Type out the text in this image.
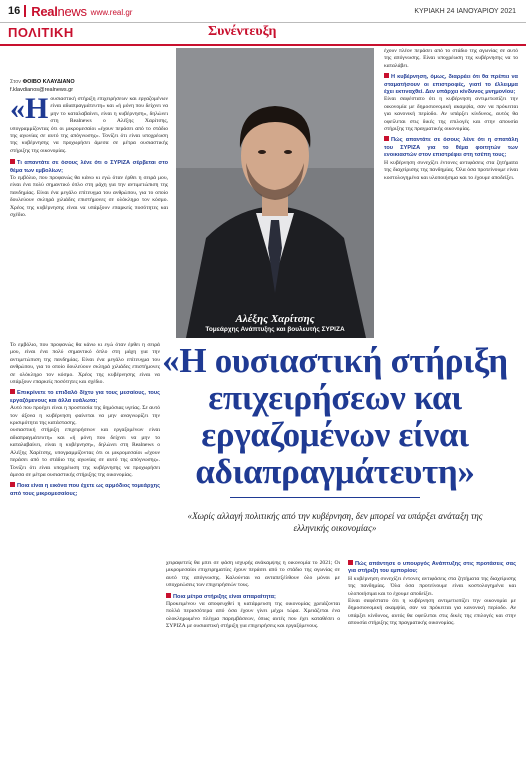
16 Realnews www.real.gr	ΚΥΡΙΑΚΗ 24 ΙΑΝΟΥΑΡΙΟΥ 2021
ΠΟΛΙΤΙΚΗ	Συνέντευξη
Στον ΦΟΙΒΟ ΚΛΑΥΔΙΑΝΟ
f.klavdianos@realnews.gr
«Η ουσιαστική στήριξη επιχειρήσεων και εργαζομένων είναι αδιαπραγμάτευτη» και «ή μόνη που δείχνει να μην το καταλαβαίνει, είναι η κυβέρνηση», δηλώνει στη Realnews ο Αλέξης Χαρίτσης, υπογραμμίζοντας ότι οι μικρομεσαίοι «έχουν περάσει από το στάδιο της αγωνίας σε αυτό της απόγνωσης». Τονίζει ότι είναι υποχρέωση της κυβέρνησης να προχωρήσει άμεσα σε μέτρα ουσιαστικής στήριξης της οικονομίας.
Τι απαντάτε σε όσους λένε ότι ο ΣΥΡΙΖΑ σέρβεται στο θέμα των εμβολίων;
Το εμβόλιο, που προφανώς θα κάνω κι εγώ όταν έρθει η σειρά μου, είναι ένα πολύ σημαντικό όπλο στη μάχη για την αντιμετώπιση της πανδημίας. Είναι ένα μεγάλο επίτευγμα του ανθρώπου, για το οποίο δουλεύουν σκληρά χιλιάδες επιστήμονες σε ολόκληρο τον κόσμο. Χρέος της κυβέρνησης είναι να υπάρξουν επαρκείς ποσότητες και σχέδιο.
Το εμβόλιο, που προφανώς θα κάνω κι εγώ όταν έρθει η σειρά μου, είναι ένα πολύ σημαντικό όπλο στη μάχη για την αντιμετώπιση της πανδημίας. Είναι ένα μεγάλο επίτευγμα του ανθρώπου, για το οποίο δουλεύουν σκληρά χιλιάδες επιστήμονες σε ολόκληρο τον κόσμο. Χρέος της κυβέρνησης είναι να υπάρξουν επαρκείς ποσότητες και σχέδιο.
Επικρίνετε το επιδαλό δίχτυ για τους μεσαίους, τους εργαζόμενους και άλλα ευάλωτα;
Αυτό που προέχει είναι η προστασία της δημόσιας υγείας. Σε αυτό τον άξονα η κυβέρνηση φαίνεται να μην αναγνωρίζει την κρισιμότητα της κατάστασης.
ουσιαστική στήριξη επιχειρήσεων και εργαζομένων είναι αδιαπραγμάτευτη» και «ή μόνη που δείχνει να μην το καταλαβαίνει, είναι η κυβέρνηση», δηλώνει στη Realnews ο Αλέξης Χαρίτσης, υπογραμμίζοντας ότι οι μικρομεσαίοι «έχουν περάσει από το στάδιο της αγωνίας σε αυτό της απόγνωσης». Τονίζει ότι είναι υποχρέωση της κυβέρνησης να προχωρήσει άμεσα σε μέτρα ουσιαστικής στήριξης της οικονομίας.
Ποια είναι η εικόνα που έχετε ως αρμόδιος τομεάρχης από τους μικρομεσαίους;
Αλέξης Χαρίτσης
Τομεάρχης Ανάπτυξης και βουλευτής ΣΥΡΙΖΑ
έχουν πλέον περάσει από το στάδιο της αγωνίας σε αυτό της απόγνωσης. Είναι υποχρέωση της κυβέρνησης να το καταλάβει.
Η κυβέρνηση, όμως, διαρρέει ότι θα πρέπει να σταματήσουν οι επιστροφές, γιατί το έλλειμμα έχει εκτιναχθεί. Δεν υπάρχει κίνδυνος μνημονίου;
Είναι σαφέστατο ότι η κυβέρνηση αντιμετωπίζει την οικονομία με δημοσιονομική ακαμψία, σαν να πρόκειται για κανονική περίοδο. Αν υπάρξει κίνδυνος, αυτός θα οφείλεται στις δικές της επιλογές και στην απουσία στήριξης της πραγματικής οικονομίας.
Πώς απαντάτε σε όσους λένε ότι η σπατάλη του ΣΥΡΙΖΑ για το θέμα φοιτητών των ενοικιαστών στον επιστρέφει στη τσέπη τους;
Η κυβέρνηση συνεχίζει έντονες αντιφάσεις στα ζητήματα της διαχείρισης της πανδημίας. Όλα όσα προτείνουμε είναι κοστολογημένα και υλοποιήσιμα και το έχουμε αποδείξει.
«Η ουσιαστική στήριξη επιχειρήσεων και εργαζομένων είναι αδιαπραγμάτευτη»
«Χωρίς αλλαγή πολιτικής από την κυβέρνηση, δεν μπορεί να υπάρξει ανάταξη της ελληνικής οικονομίας»
χειραφετείς θα μπει σε φάση ισχυρής ανάκαμψης η οικονομία το 2021; Οι μικρομεσαίοι επιχειρηματίες έχουν περάσει από το στάδιο της αγωνίας σε αυτό της απόγνωσης. Καλούνται να ανταπεξέλθουν όλο μόνοι με υποχρεώσεις των επιχειρήσεών τους.
Ποια μέτρα στήριξης είναι απαραίτητα;
Προκειμένου να αποφευχθεί η κατάρρευση της οικονομίας χρειάζονται πολλά περισσότερα από όσα έχουν γίνει μέχρι τώρα. Χρειάζεται ένα ολοκληρωμένο πλέγμα παρεμβάσεων, όπως αυτές που έχει καταθέσει ο ΣΥΡΙΖΑ με ουσιαστική στήριξη για επιχειρήσεις και εργαζόμενους.
Πώς απάντησε ο υπουργός Ανάπτυξης στις προτάσεις σας για στήριξη του εμπορίου;
Η κυβέρνηση συνεχίζει έντονες αντιφάσεις στα ζητήματα της διαχείρισης της πανδημίας. Όλα όσα προτείνουμε είναι κοστολογημένα και υλοποιήσιμα και το έχουμε αποδείξει.
Είναι σαφέστατο ότι η κυβέρνηση αντιμετωπίζει την οικονομία με δημοσιονομική ακαμψία, σαν να πρόκειται για κανονική περίοδο. Αν υπάρξει κίνδυνος, αυτός θα οφείλεται στις δικές της επιλογές και στην απουσία στήριξης της πραγματικής οικονομίας.
